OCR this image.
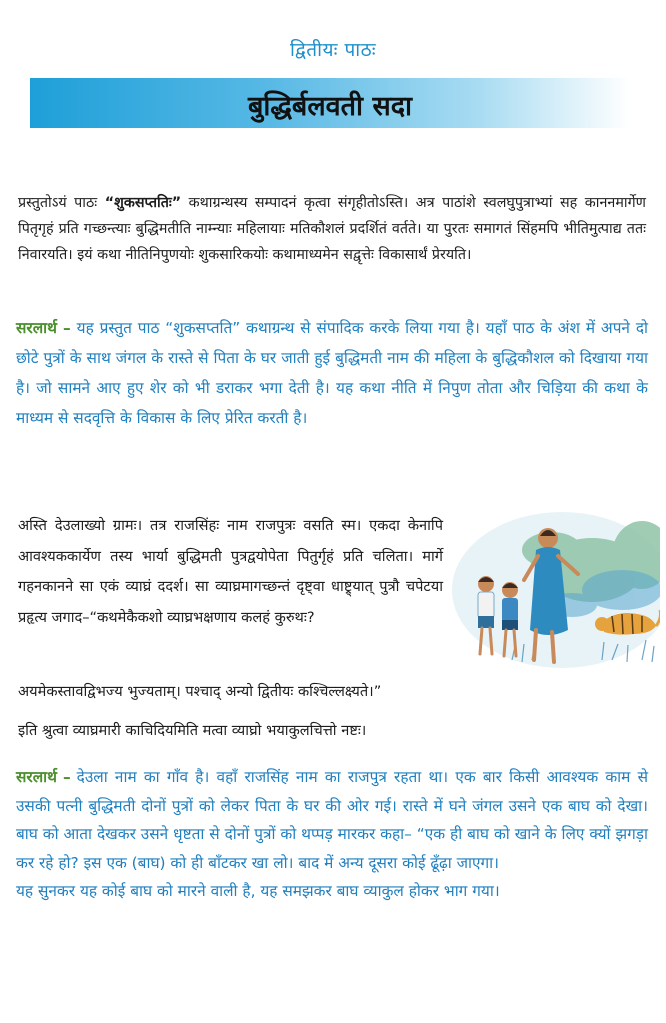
द्वितीयः पाठः
बुद्धिर्बलवती सदा
प्रस्तुतोऽयं पाठः “शुकसप्ततिः” कथाग्रन्थस्य सम्पादनं कृत्वा संगृहीतोऽस्ति। अत्र पाठांशे स्वलघुपुत्राभ्यां सह काननमार्गेण पितृगृहं प्रति गच्छन्त्याः बुद्धिमतीति नाम्न्याः महिलायाः मतिकौशलं प्रदर्शितं वर्तते। या पुरतः समागतं सिंहमपि भीतिमुत्पाद्य ततः निवारयति। इयं कथा नीतिनिपुणयोः शुकसारिकयोः कथामाध्यमेन सद्वृत्तेः विकासार्थं प्रेरयति।
सरलार्थ – यह प्रस्तुत पाठ “शुकसप्तति” कथाग्रन्थ से संपादिक करके लिया गया है। यहाँ पाठ के अंश में अपने दो छोटे पुत्रों के साथ जंगल के रास्ते से पिता के घर जाती हुई बुद्धिमती नाम की महिला के बुद्धिकौशल को दिखाया गया है। जो सामने आए हुए शेर को भी डराकर भगा देती है। यह कथा नीति में निपुण तोता और चिड़िया की कथा के माध्यम से सदवृत्ति के विकास के लिए प्रेरित करती है।
अस्ति देउलाख्यो ग्रामः। तत्र राजसिंहः नाम राजपुत्रः वसति स्म। एकदा केनापि आवश्यककार्येण तस्य भार्या बुद्धिमती पुत्रद्वयोपेता पितुर्गृहं प्रति चलिता। मार्गे गहनकानने सा एकं व्याघ्रं ददर्श। सा व्याघ्रमागच्छन्तं दृष्ट्वा धाष्ट्र्यात् पुत्रौ चपेटया प्रहृत्य जगाद–“कथमेकैकशो व्याघ्रभक्षणाय कलहं कुरुथः?
अयमेकस्तावद्विभज्य भुज्यताम्। पश्चाद् अन्यो द्वितीयः कश्चिल्लक्ष्यते।”
इति श्रुत्वा व्याघ्रमारी काचिदियमिति मत्वा व्याघ्रो भयाकुलचित्तो नष्टः।
सरलार्थ – देउला नाम का गाँव है। वहाँ राजसिंह नाम का राजपुत्र रहता था। एक बार किसी आवश्यक काम से उसकी पत्नी बुद्धिमती दोनों पुत्रों को लेकर पिता के घर की ओर गई। रास्ते में घने जंगल उसने एक बाघ को देखा। बाघ को आता देखकर उसने धृष्टता से दोनों पुत्रों को थप्पड़ मारकर कहा– “एक ही बाघ को खाने के लिए क्यों झगड़ा कर रहे हो? इस एक (बाघ) को ही बाँटकर खा लो। बाद में अन्य दूसरा कोई ढूँढ़ा जाएगा।
यह सुनकर यह कोई बाघ को मारने वाली है, यह समझकर बाघ व्याकुल होकर भाग गया।
